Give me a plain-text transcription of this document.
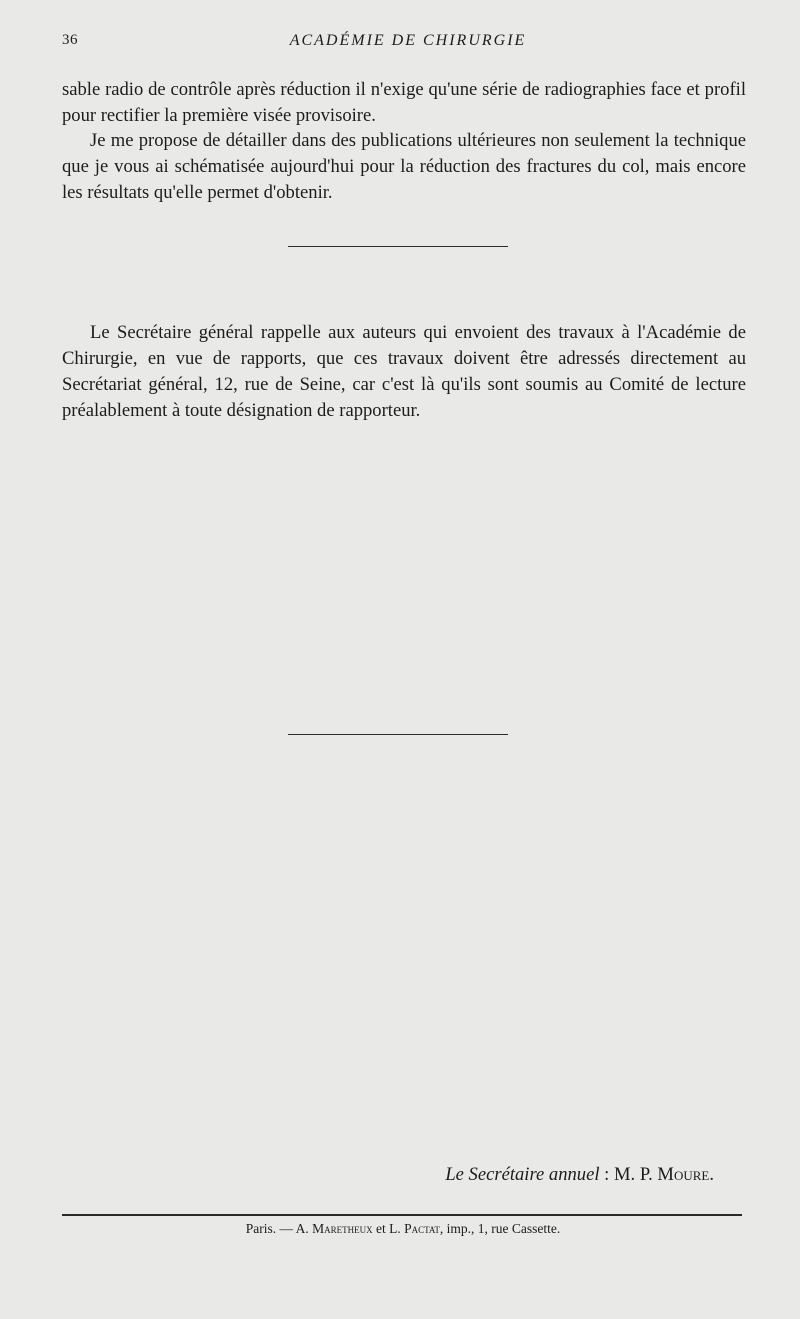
36	ACADÉMIE DE CHIRURGIE

sable radio de contrôle après réduction il n'exige qu'une série de radiographies face et profil pour rectifier la première visée provisoire.

Je me propose de détailler dans des publications ultérieures non seulement la technique que je vous ai schématisée aujourd'hui pour la réduction des fractures du col, mais encore les résultats qu'elle permet d'obtenir.

Le Secrétaire général rappelle aux auteurs qui envoient des travaux à l'Académie de Chirurgie, en vue de rapports, que ces travaux doivent être adressés directement au Secrétariat général, 12, rue de Seine, car c'est là qu'ils sont soumis au Comité de lecture préalablement à toute désignation de rapporteur.

Le Secrétaire annuel : M. P. Moure.
Paris. — A. Maretheux et L. Pactat, imp., 1, rue Cassette.
